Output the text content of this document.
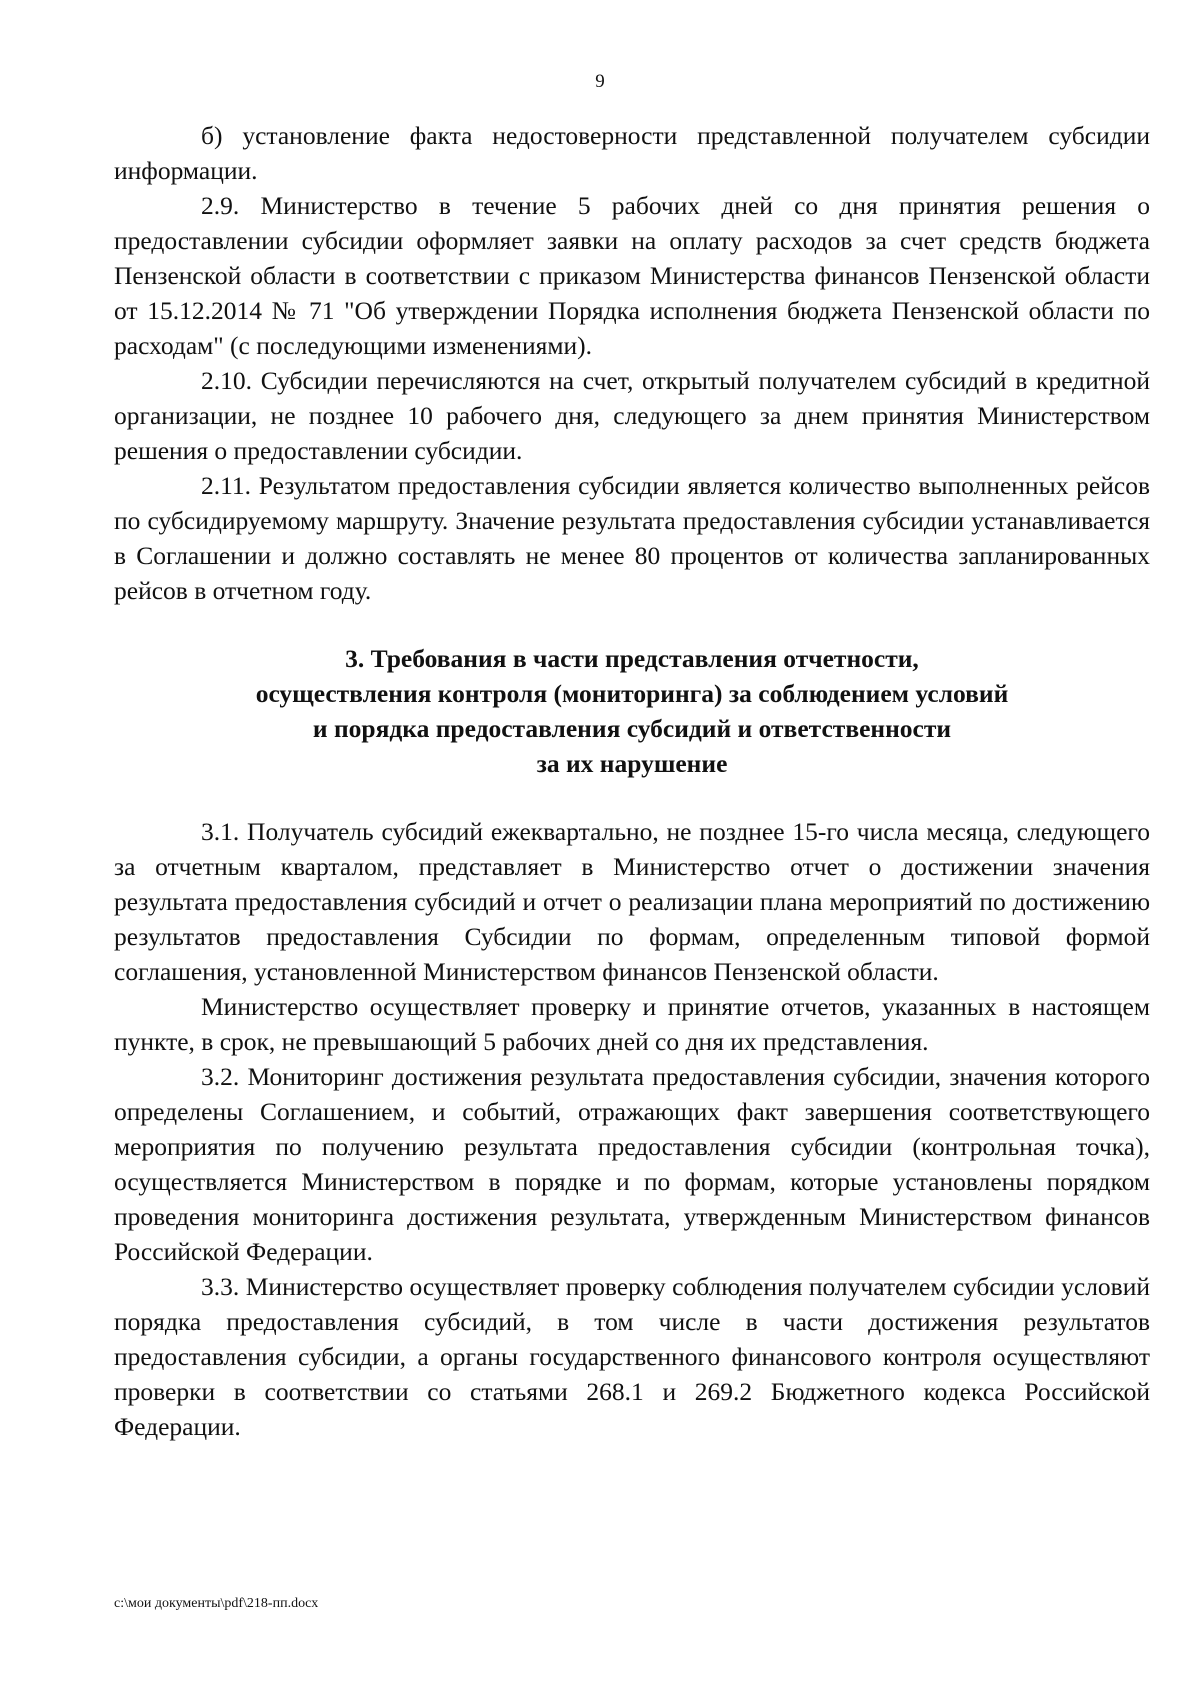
9

б) установление факта недостоверности представленной получателем субсидии информации.

2.9. Министерство в течение 5 рабочих дней со дня принятия решения о предоставлении субсидии оформляет заявки на оплату расходов за счет средств бюджета Пензенской области в соответствии с приказом Министерства финансов Пензенской области от 15.12.2014 № 71 "Об утверждении Порядка исполнения бюджета Пензенской области по расходам" (с последующими изменениями).

2.10. Субсидии перечисляются на счет, открытый получателем субсидий в кредитной организации, не позднее 10 рабочего дня, следующего за днем принятия Министерством решения о предоставлении субсидии.

2.11. Результатом предоставления субсидии является количество выполненных рейсов по субсидируемому маршруту. Значение результата предоставления субсидии устанавливается в Соглашении и должно составлять не менее 80 процентов от количества запланированных рейсов в отчетном году.

3. Требования в части представления отчетности,
осуществления контроля (мониторинга) за соблюдением условий
и порядка предоставления субсидий и ответственности
за их нарушение

3.1. Получатель субсидий ежеквартально, не позднее 15-го числа месяца, следующего за отчетным кварталом, представляет в Министерство отчет о достижении значения результата предоставления субсидий и отчет о реализации плана мероприятий по достижению результатов предоставления Субсидии по формам, определенным типовой формой соглашения, установленной Министерством финансов Пензенской области.

Министерство осуществляет проверку и принятие отчетов, указанных в настоящем пункте, в срок, не превышающий 5 рабочих дней со дня их представления.

3.2. Мониторинг достижения результата предоставления субсидии, значения которого определены Соглашением, и событий, отражающих факт завершения соответствующего мероприятия по получению результата предоставления субсидии (контрольная точка), осуществляется Министерством в порядке и по формам, которые установлены порядком проведения мониторинга достижения результата, утвержденным Министерством финансов Российской Федерации.

3.3. Министерство осуществляет проверку соблюдения получателем субсидии условий порядка предоставления субсидий, в том числе в части достижения результатов предоставления субсидии, а органы государственного финансового контроля осуществляют проверки в соответствии со статьями 268.1 и 269.2 Бюджетного кодекса Российской Федерации.

c:\мои документы\pdf\218-пп.docx
